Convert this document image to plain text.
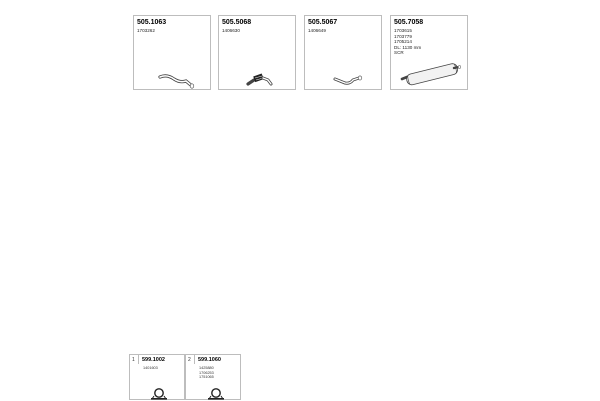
505.1063
1703262
505.5068
1406630
505.5067
1406649
505.7058
1703615
1703779
1705214
DL: 1130 mm
SCR
1 599.1002
1401603
2 599.1060
1425880
1706253
1751065
